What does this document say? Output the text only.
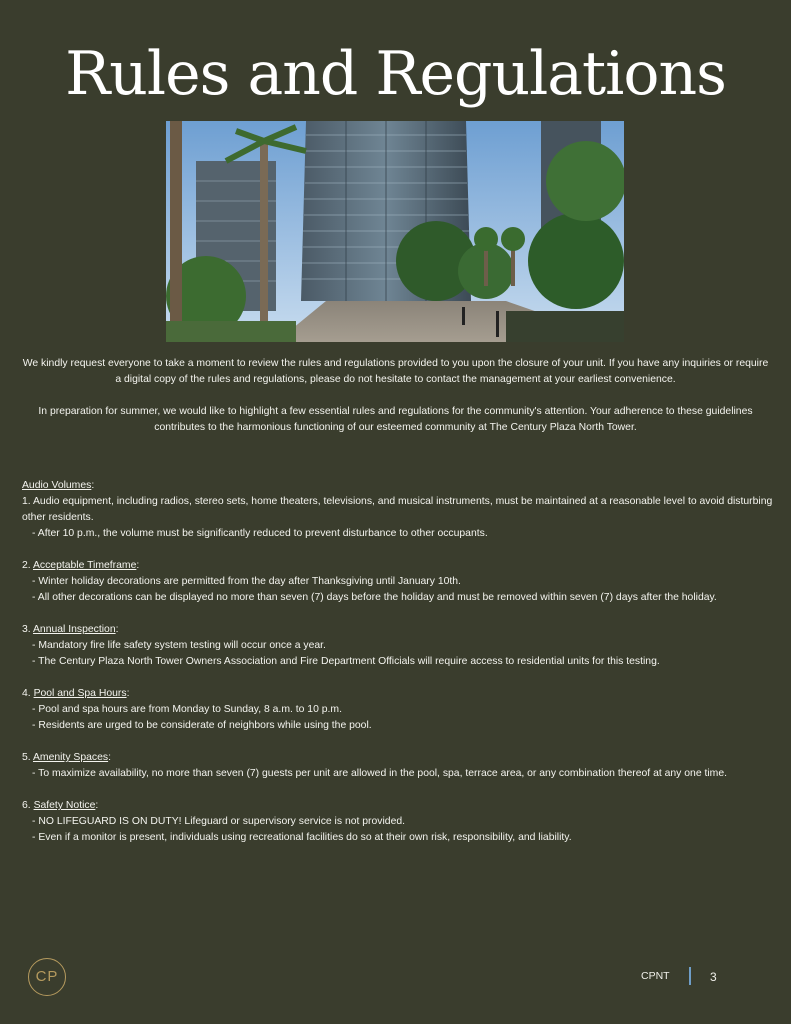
Rules and Regulations

We kindly request everyone to take a moment to review the rules and regulations provided to you upon the closure of your unit. If you have any inquiries or require a digital copy of the rules and regulations, please do not hesitate to contact the management at your earliest convenience.

In preparation for summer, we would like to highlight a few essential rules and regulations for the community's attention. Your adherence to these guidelines contributes to the harmonious functioning of our esteemed community at The Century Plaza North Tower.

Audio Volumes:
1. Audio equipment, including radios, stereo sets, home theaters, televisions, and musical instruments, must be maintained at a reasonable level to avoid disturbing other residents.
- After 10 p.m., the volume must be significantly reduced to prevent disturbance to other occupants.
2. Acceptable Timeframe:
- Winter holiday decorations are permitted from the day after Thanksgiving until January 10th.
- All other decorations can be displayed no more than seven (7) days before the holiday and must be removed within seven (7) days after the holiday.
3. Annual Inspection:
- Mandatory fire life safety system testing will occur once a year.
- The Century Plaza North Tower Owners Association and Fire Department Officials will require access to residential units for this testing.
4. Pool and Spa Hours:
- Pool and spa hours are from Monday to Sunday, 8 a.m. to 10 p.m.
- Residents are urged to be considerate of neighbors while using the pool.
5. Amenity Spaces:
- To maximize availability, no more than seven (7) guests per unit are allowed in the pool, spa, terrace area, or any combination thereof at any one time.
6. Safety Notice:
- NO LIFEGUARD IS ON DUTY! Lifeguard or supervisory service is not provided.
- Even if a monitor is present, individuals using recreational facilities do so at their own risk, responsibility, and liability.
CP	CPNT	3
